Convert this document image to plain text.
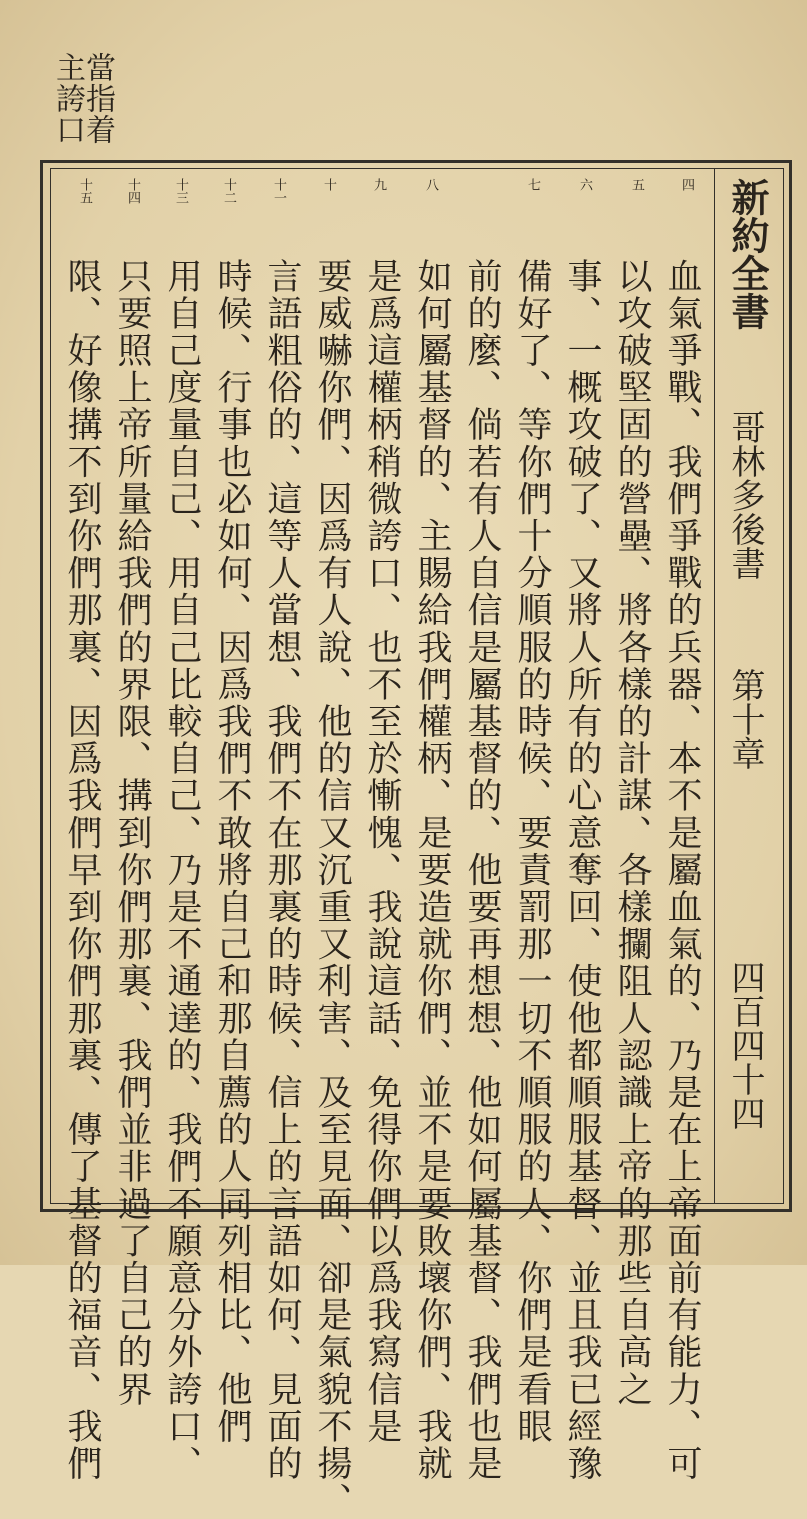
當指着
主誇口
新約全書
哥林多後書
第十章
四百四十四
四
五
六
七
八
九
十
十一
十二
十三
十四
十五
血氣爭戰、我們爭戰的兵器、本不是屬血氣的、乃是在上帝面前有能力、可
以攻破堅固的營壘、將各樣的計謀、各樣攔阻人認識上帝的那些自高之
事、一概攻破了、又將人所有的心意奪回、使他都順服基督、並且我已經豫
備好了、等你們十分順服的時候、要責罰那一切不順服的人、你們是看眼
前的麼、倘若有人自信是屬基督的、他要再想想、他如何屬基督、我們也是
如何屬基督的、主賜給我們權柄、是要造就你們、並不是要敗壞你們、我就
是爲這權柄稍微誇口、也不至於慚愧、我說這話、免得你們以爲我寫信是
要威嚇你們、因爲有人說、他的信又沉重又利害、及至見面、卻是氣貌不揚、
言語粗俗的、這等人當想、我們不在那裏的時候、信上的言語如何、見面的
時候、行事也必如何、因爲我們不敢將自己和那自薦的人同列相比、他們
用自己度量自己、用自己比較自己、乃是不通達的、我們不願意分外誇口、
只要照上帝所量給我們的界限、搆到你們那裏、我們並非過了自己的界
限、好像搆不到你們那裏、因爲我們早到你們那裏、傳了基督的福音、我們
